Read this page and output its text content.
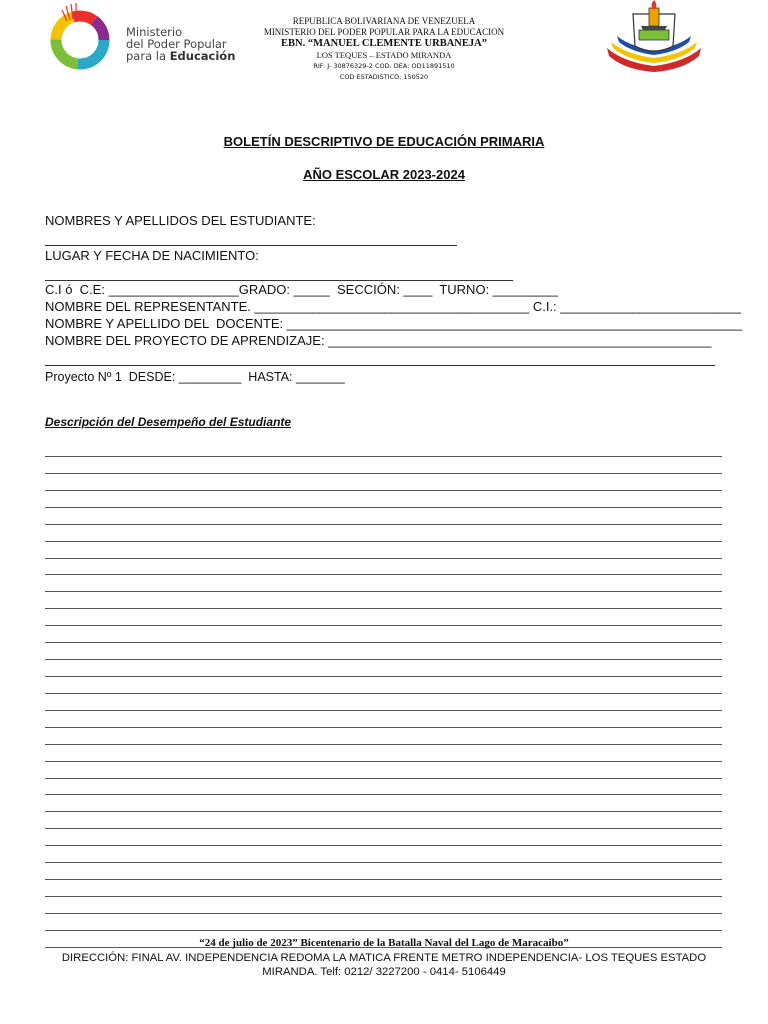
Ministerio
del Poder Popular
para la Educación
REPUBLICA BOLIVARIANA DE VENEZUELA
MINISTERIO DEL PODER POPULAR PARA LA EDUCACION
EBN. “MANUEL CLEMENTE URBANEJA”
LOS TEQUES – ESTADO MIRANDA
RIF: J- 30876329-2 COD. DEA: OD11891510
COD ESTADISTICO: 150520
BOLETÍN DESCRIPTIVO DE EDUCACIÓN PRIMARIA
AÑO ESCOLAR 2023-2024
NOMBRES Y APELLIDOS DEL ESTUDIANTE:
LUGAR Y FECHA DE NACIMIENTO:
C.I ó  C.E: __________________GRADO: _____  SECCIÓN: ____  TURNO: _________
NOMBRE DEL REPRESENTANTE. ______________________________________ C.I.: _________________________
NOMBRE Y APELLIDO DEL  DOCENTE: _______________________________________________________________
NOMBRE DEL PROYECTO DE APRENDIZAJE: _____________________________________________________
Proyecto Nº 1  DESDE: _________  HASTA: _______
Descripción del Desempeño del Estudiante
“24 de julio de 2023” Bicentenario de la Batalla Naval del Lago de Maracaibo”
DIRECCIÓN: FINAL AV. INDEPENDENCIA REDOMA LA MATICA FRENTE METRO INDEPENDENCIA- LOS TEQUES ESTADO MIRANDA. Telf: 0212/ 3227200 - 0414- 5106449
